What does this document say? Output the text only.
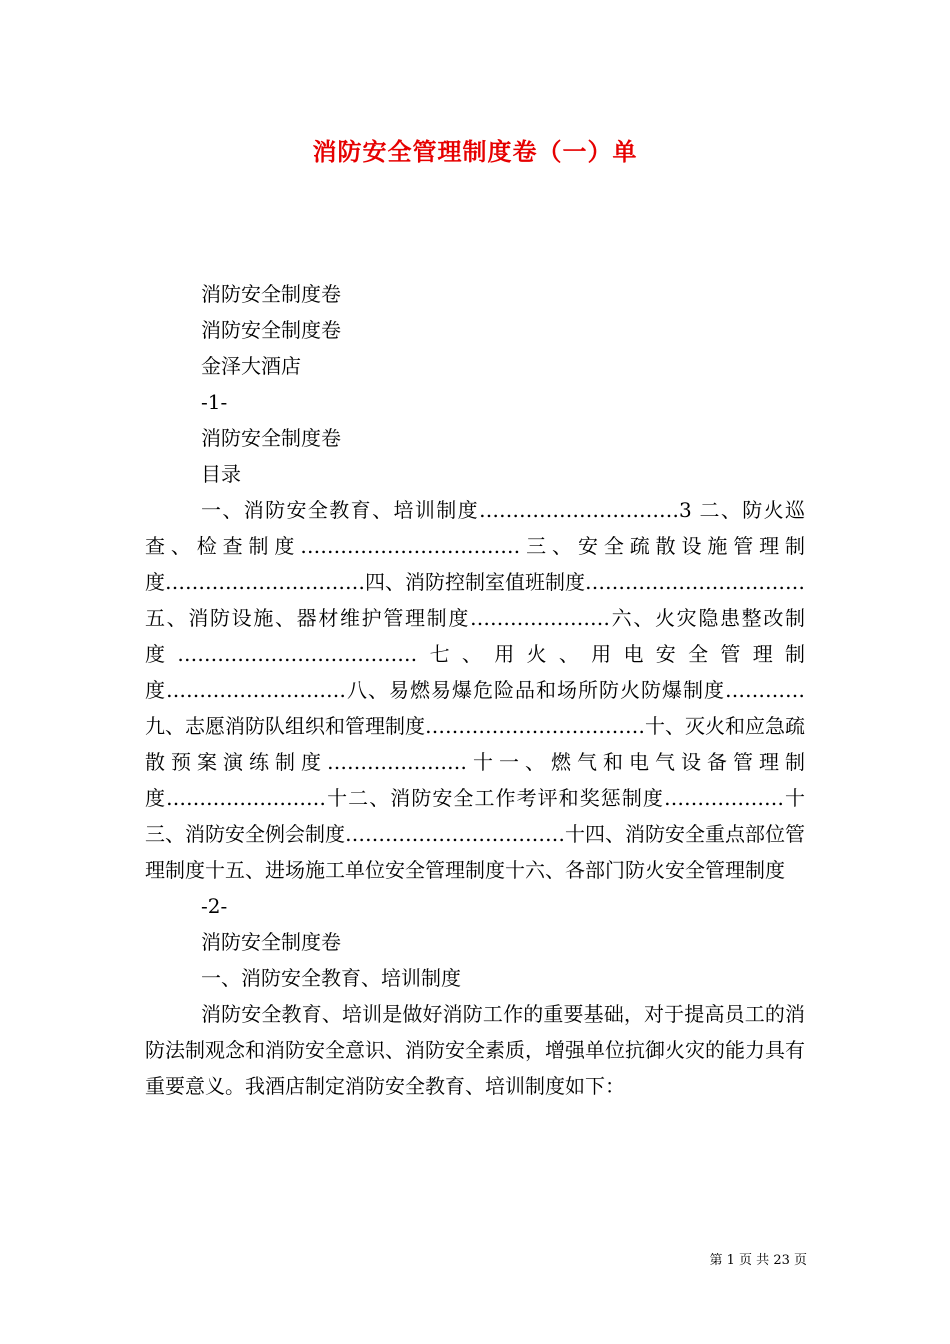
消防安全管理制度卷（一）单
消防安全制度卷
消防安全制度卷
金泽大酒店
-1-
消防安全制度卷
目录
一、消防安全教育、培训制度…………………………3 二、防火巡查、检查制度……………………………三、安全疏散设施管理制度…………………………四、消防控制室值班制度……………………………五、消防设施、器材维护管理制度…………………六、火灾隐患整改制度………………………………七、用火、用电安全管理制度………………………八、易燃易爆危险品和场所防火防爆制度…………九、志愿消防队组织和管理制度……………………………十、灭火和应急疏散预案演练制度…………………十一、燃气和电气设备管理制度……………………十二、消防安全工作考评和奖惩制度………………十三、消防安全例会制度……………………………十四、消防安全重点部位管理制度十五、进场施工单位安全管理制度十六、各部门防火安全管理制度
-2-
消防安全制度卷
一、消防安全教育、培训制度
消防安全教育、培训是做好消防工作的重要基础，对于提高员工的消防法制观念和消防安全意识、消防安全素质，增强单位抗御火灾的能力具有重要意义。我酒店制定消防安全教育、培训制度如下：
第 1 页 共 23 页
